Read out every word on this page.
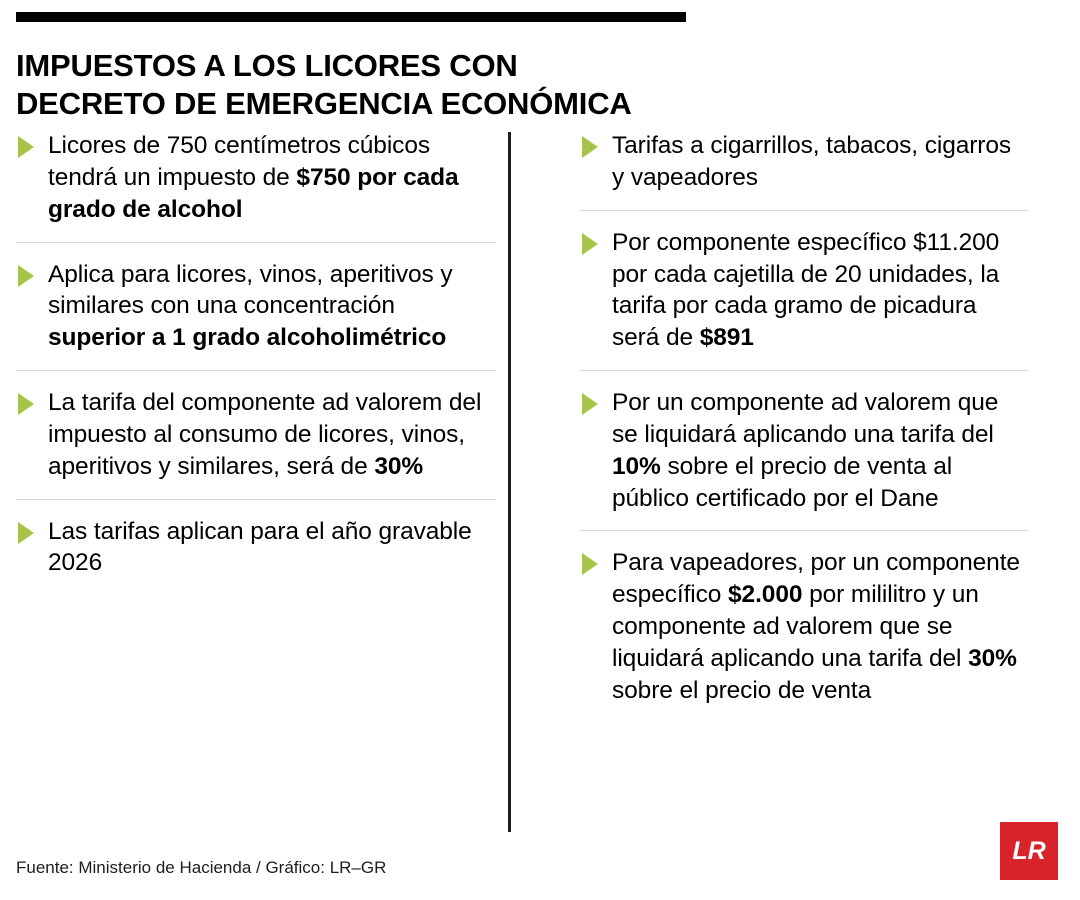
IMPUESTOS A LOS LICORES CON
DECRETO DE EMERGENCIA ECONÓMICA
Licores de 750 centímetros cúbicos tendrá un impuesto de $750 por cada grado de alcohol
Aplica para licores, vinos, aperitivos y similares con una concentración superior a 1 grado alcoholimétrico
La tarifa del componente ad valorem del impuesto al consumo de licores, vinos, aperitivos y similares, será de 30%
Las tarifas aplican para el año gravable 2026
Tarifas a cigarrillos, tabacos, cigarros y vapeadores
Por componente específico $11.200 por cada cajetilla de 20 unidades, la tarifa por cada gramo de picadura será de $891
Por un componente ad valorem que se liquidará aplicando una tarifa del 10% sobre el precio de venta al público certificado por el Dane
Para vapeadores, por un componente específico $2.000 por mililitro y un componente ad valorem que se liquidará aplicando una tarifa del 30% sobre el precio de venta
Fuente: Ministerio de Hacienda / Gráfico: LR–GR
LR
